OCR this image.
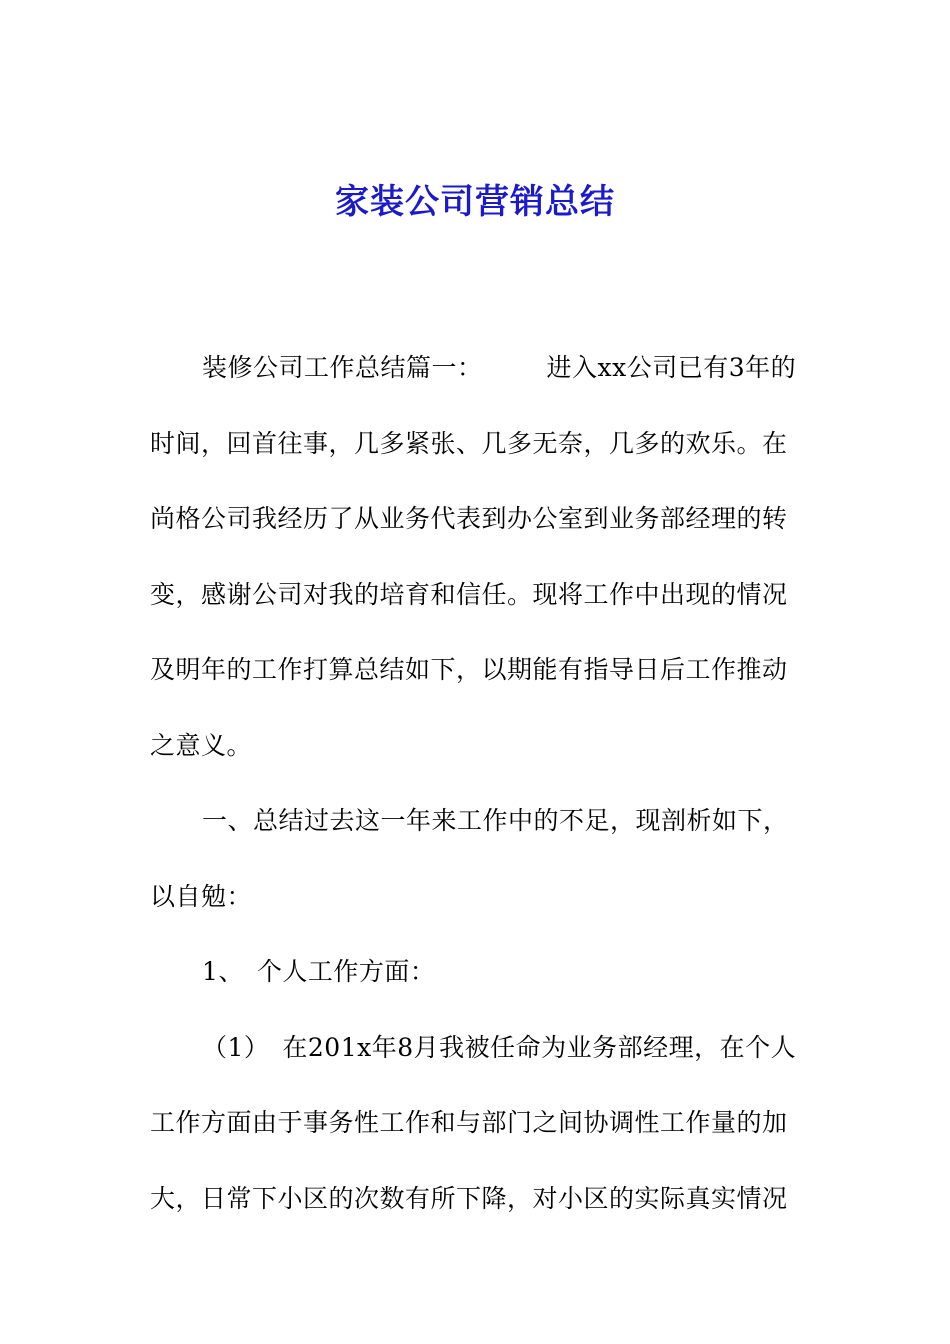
家装公司营销总结
装修公司工作总结篇一：　　　进入xx公司已有3年的
时间，回首往事，几多紧张、几多无奈，几多的欢乐。在
尚格公司我经历了从业务代表到办公室到业务部经理的转
变，感谢公司对我的培育和信任。现将工作中出现的情况
及明年的工作打算总结如下，以期能有指导日后工作推动
之意义。
一、总结过去这一年来工作中的不足，现剖析如下，
以自勉：
1、　个人工作方面：
（1）　在201x年8月我被任命为业务部经理，在个人
工作方面由于事务性工作和与部门之间协调性工作量的加
大，日常下小区的次数有所下降，对小区的实际真实情况
